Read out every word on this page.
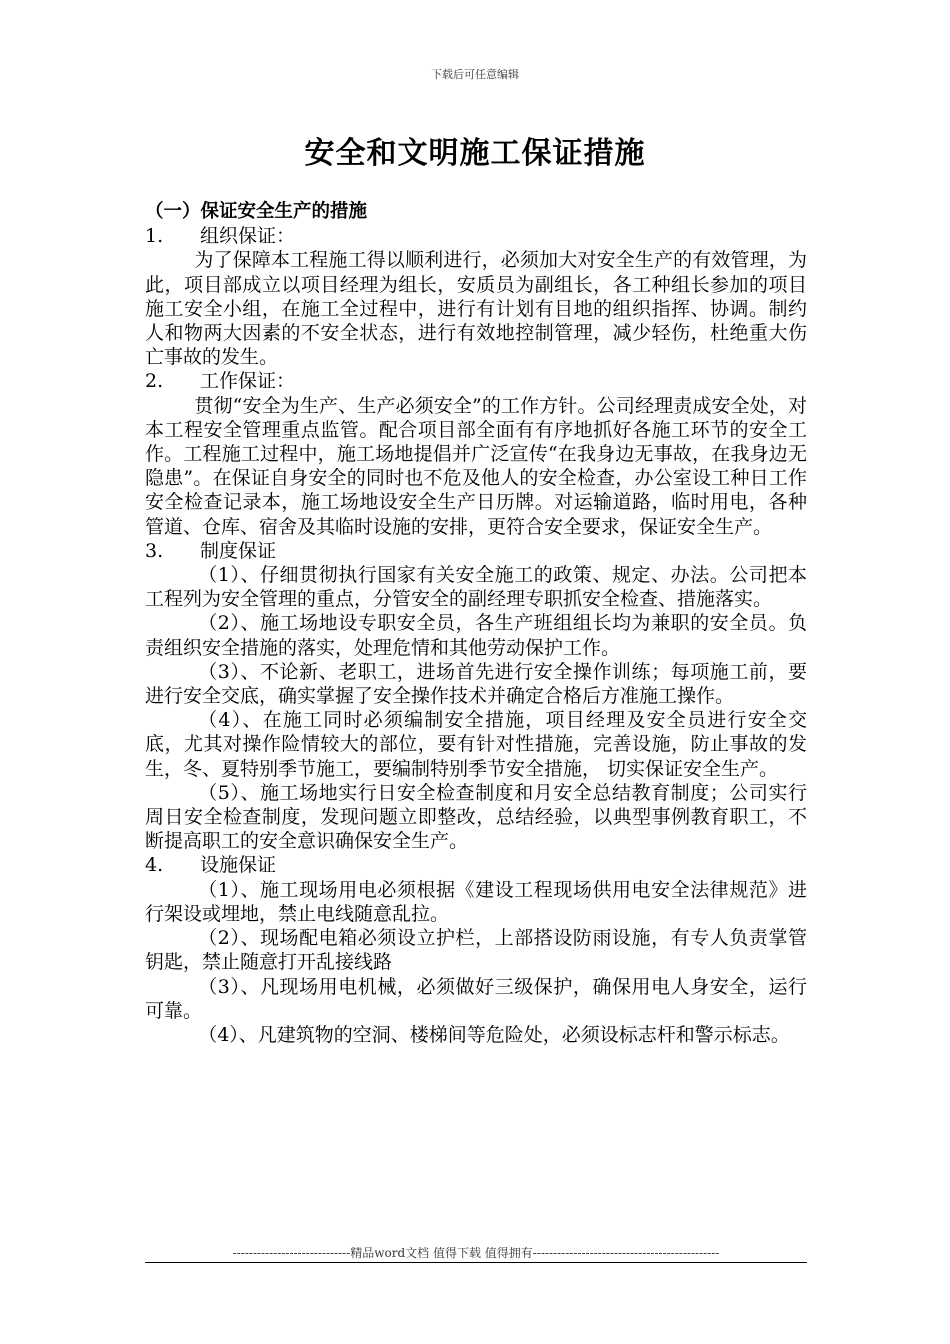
下载后可任意编辑
安全和文明施工保证措施
（一）保证安全生产的措施
1.	组织保证：
为了保障本工程施工得以顺利进行，必须加大对安全生产的有效管理，为此，项目部成立以项目经理为组长，安质员为副组长，各工种组长参加的项目施工安全小组，在施工全过程中，进行有计划有目地的组织指挥、协调。制约人和物两大因素的不安全状态，进行有效地控制管理，减少轻伤，杜绝重大伤亡事故的发生。
2.	工作保证：
贯彻“安全为生产、生产必须安全”的工作方针。公司经理责成安全处，对本工程安全管理重点监管。配合项目部全面有有序地抓好各施工环节的安全工作。工程施工过程中，施工场地提倡并广泛宣传“在我身边无事故，在我身边无隐患”。在保证自身安全的同时也不危及他人的安全检查，办公室设工种日工作安全检查记录本，施工场地设安全生产日历牌。对运输道路，临时用电，各种管道、仓库、宿舍及其临时设施的安排，更符合安全要求，保证安全生产。
3.	制度保证
（1）、仔细贯彻执行国家有关安全施工的政策、规定、办法。公司把本工程列为安全管理的重点，分管安全的副经理专职抓安全检查、措施落实。
（2）、施工场地设专职安全员，各生产班组组长均为兼职的安全员。负责组织安全措施的落实，处理危情和其他劳动保护工作。
（3）、不论新、老职工，进场首先进行安全操作训练；每项施工前，要进行安全交底，确实掌握了安全操作技术并确定合格后方准施工操作。
（4）、在施工同时必须编制安全措施，项目经理及安全员进行安全交底，尤其对操作险情较大的部位，要有针对性措施，完善设施，防止事故的发生，冬、夏特别季节施工，要编制特别季节安全措施， 切实保证安全生产。
（5）、施工场地实行日安全检查制度和月安全总结教育制度；公司实行周日安全检查制度，发现问题立即整改，总结经验，以典型事例教育职工，不断提高职工的安全意识确保安全生产。
4.	设施保证
（1）、施工现场用电必须根据《建设工程现场供用电安全法律规范》进行架设或埋地，禁止电线随意乱拉。
（2）、现场配电箱必须设立护栏，上部搭设防雨设施，有专人负责掌管钥匙，禁止随意打开乱接线路
（3）、凡现场用电机械，必须做好三级保护，确保用电人身安全，运行可靠。
（4）、凡建筑物的空洞、楼梯间等危险处，必须设标志杆和警示标志。
-----------------------------精品word文档 值得下载 值得拥有----------------------------------------------
